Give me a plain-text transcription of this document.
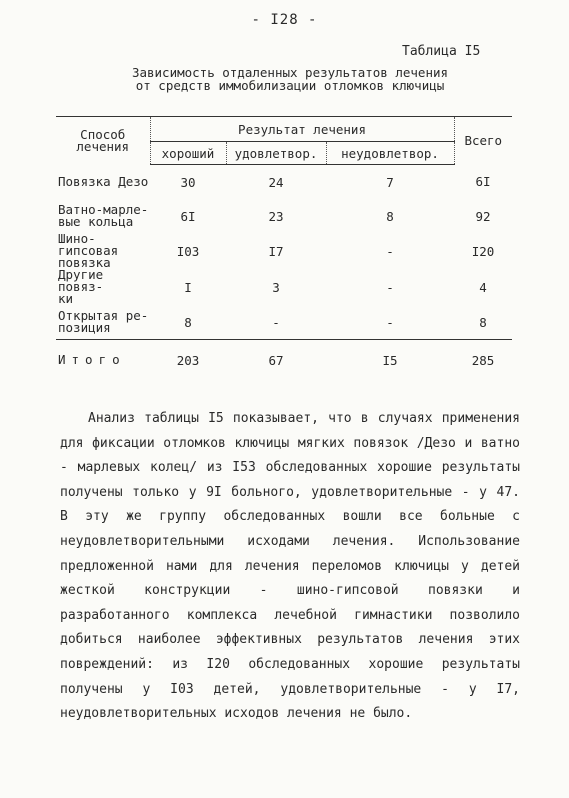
- I28 -
Таблица I5
Зависимость отдаленных результатов лечения
от средств иммобилизации отломков ключицы
Способ
лечения	Результат лечения			Всего
	хороший	удовлетвор.	неудовлетвор.	

Повязка Дезо	30	24	7	6I

Ватно-марле-
вые кольца	6I	23	8	92

Шино-гипсовая
повязка	I03	I7	-	I20

Другие повяз-
ки	I	3	-	4

Открытая ре-
позиция	8	-	-	8
Итого	203	67	I5	285

Анализ таблицы I5 показывает, что в случаях применения для фиксации отломков ключицы мягких повязок /Дезо и ватно - марлевых колец/ из I53 обследованных хорошие результаты получены только у 9I больного, удовлетворительные - у 47. В эту же группу обследованных вошли все больные с неудовлетворительными исходами лечения. Использование предложенной нами для лечения переломов ключицы у детей жесткой конструкции - шино-гипсовой повязки и разработанного комплекса лечебной гимнастики позволило добиться наиболее эффективных результатов лечения этих повреждений: из I20 обследованных хорошие результаты получены у I03 детей, удовлетворительные - у I7, неудовлетворительных исходов лечения не было.
